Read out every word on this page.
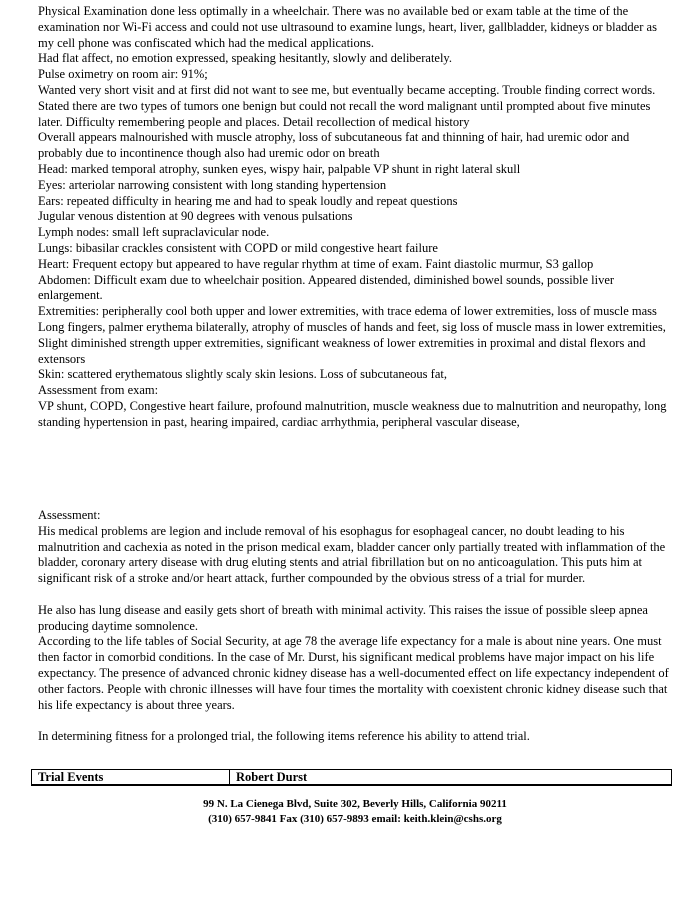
Physical Examination done less optimally in a wheelchair. There was no available bed or exam table at the time of the examination nor Wi-Fi access and could not use ultrasound to examine lungs, heart, liver, gallbladder, kidneys or bladder as my cell phone was confiscated which had the medical applications.

Had flat affect, no emotion expressed, speaking hesitantly, slowly and deliberately.

Pulse oximetry on room air: 91%;

Wanted very short visit and at first did not want to see me, but eventually became accepting. Trouble finding correct words. Stated there are two types of tumors one benign but could not recall the word malignant until prompted about five minutes later. Difficulty remembering people and places. Detail recollection of medical history

Overall appears malnourished with muscle atrophy, loss of subcutaneous fat and thinning of hair, had uremic odor and probably due to incontinence though also had uremic odor on breath

Head: marked temporal atrophy, sunken eyes, wispy hair, palpable VP shunt in right lateral skull

Eyes: arteriolar narrowing consistent with long standing hypertension

Ears: repeated difficulty in hearing me and had to speak loudly and repeat questions

Jugular venous distention at 90 degrees with venous pulsations

Lymph nodes: small left supraclavicular node.

Lungs: bibasilar crackles consistent with COPD or mild congestive heart failure

Heart: Frequent ectopy but appeared to have regular rhythm at time of exam. Faint diastolic murmur, S3 gallop

Abdomen: Difficult exam due to wheelchair position. Appeared distended, diminished bowel sounds, possible liver enlargement.

Extremities: peripherally cool both upper and lower extremities, with trace edema of lower extremities, loss of muscle mass

Long fingers, palmer erythema bilaterally, atrophy of muscles of hands and feet, sig loss of muscle mass in lower extremities, Slight diminished strength upper extremities, significant weakness of lower extremities in proximal and distal flexors and extensors

Skin: scattered erythematous slightly scaly skin lesions. Loss of subcutaneous fat,

Assessment from exam:

VP shunt, COPD, Congestive heart failure, profound malnutrition, muscle weakness due to malnutrition and neuropathy, long standing hypertension in past, hearing impaired, cardiac arrhythmia, peripheral vascular disease,

Assessment:

His medical problems are legion and include removal of his esophagus for esophageal cancer, no doubt leading to his malnutrition and cachexia as noted in the prison medical exam, bladder cancer only partially treated with inflammation of the bladder, coronary artery disease with drug eluting stents and atrial fibrillation but on no anticoagulation. This puts him at significant risk of a stroke and/or heart attack, further compounded by the obvious stress of a trial for murder.

He also has lung disease and easily gets short of breath with minimal activity. This raises the issue of possible sleep apnea producing daytime somnolence.

According to the life tables of Social Security, at age 78 the average life expectancy for a male is about nine years. One must then factor in comorbid conditions. In the case of Mr. Durst, his significant medical problems have major impact on his life expectancy. The presence of advanced chronic kidney disease has a well-documented effect on life expectancy independent of other factors. People with chronic illnesses will have four times the mortality with coexistent chronic kidney disease such that his life expectancy is about three years.

In determining fitness for a prolonged trial, the following items reference his ability to attend trial.

Trial Events	Robert Durst
99 N. La Cienega Blvd, Suite 302, Beverly Hills, California 90211
(310) 657-9841 Fax (310) 657-9893 email: keith.klein@cshs.org
